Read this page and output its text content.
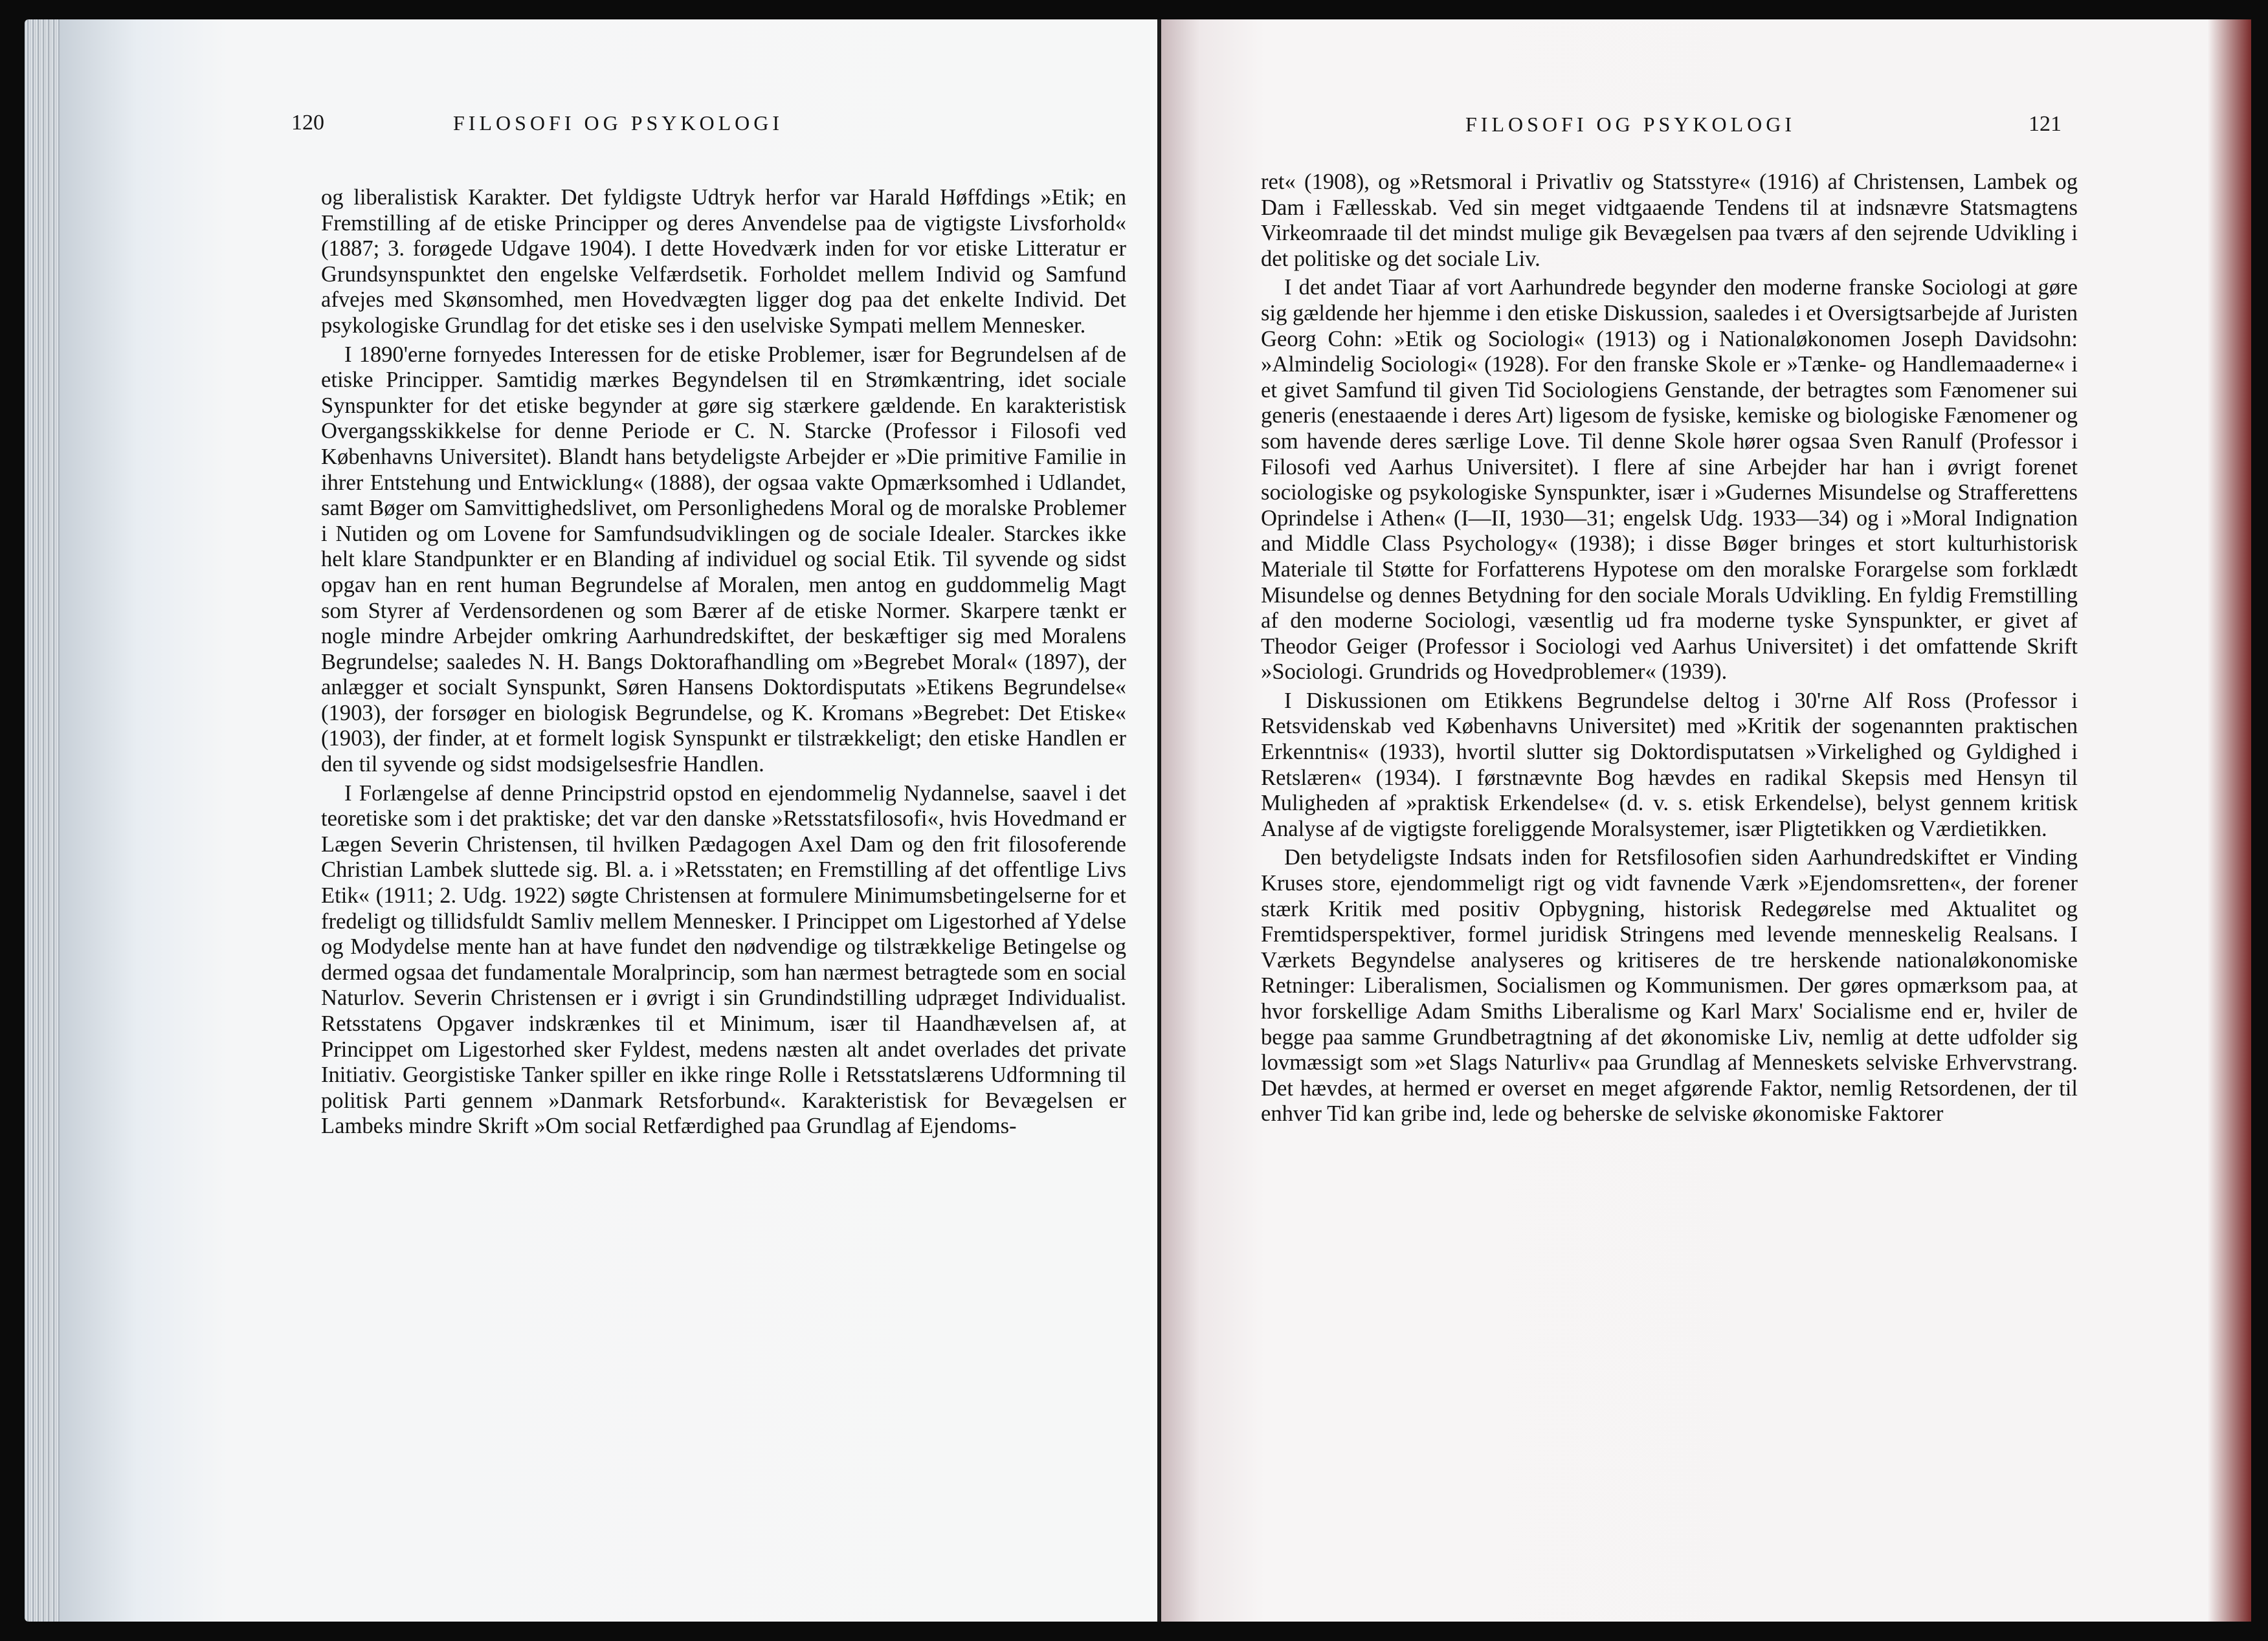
120	FILOSOFI OG PSYKOLOGI

og liberalistisk Karakter. Det fyldigste Udtryk herfor var Harald Høffdings »Etik; en Fremstilling af de etiske Principper og deres Anvendelse paa de vigtigste Livsforhold« (1887; 3. forøgede Udgave 1904). I dette Hovedværk inden for vor etiske Litteratur er Grundsynspunktet den engelske Velfærdsetik. Forholdet mellem Individ og Samfund afvejes med Skønsomhed, men Hovedvægten ligger dog paa det enkelte Individ. Det psykologiske Grundlag for det etiske ses i den uselviske Sympati mellem Mennesker.

I 1890'erne fornyedes Interessen for de etiske Problemer, især for Begrundelsen af de etiske Principper. Samtidig mærkes Begyndelsen til en Strømkæntring, idet sociale Synspunkter for det etiske begynder at gøre sig stærkere gældende. En karakteristisk Overgangsskikkelse for denne Periode er C. N. Starcke (Professor i Filosofi ved Københavns Universitet). Blandt hans betydeligste Arbejder er »Die primitive Familie in ihrer Entstehung und Entwicklung« (1888), der ogsaa vakte Opmærksomhed i Udlandet, samt Bøger om Samvittighedslivet, om Personlighedens Moral og de moralske Problemer i Nutiden og om Lovene for Samfundsudviklingen og de sociale Idealer. Starckes ikke helt klare Standpunkter er en Blanding af individuel og social Etik. Til syvende og sidst opgav han en rent human Begrundelse af Moralen, men antog en guddommelig Magt som Styrer af Verdensordenen og som Bærer af de etiske Normer. Skarpere tænkt er nogle mindre Arbejder omkring Aarhundredskiftet, der beskæftiger sig med Moralens Begrundelse; saaledes N. H. Bangs Doktorafhandling om »Begrebet Moral« (1897), der anlægger et socialt Synspunkt, Søren Hansens Doktordisputats »Etikens Begrundelse« (1903), der forsøger en biologisk Begrundelse, og K. Kromans »Begrebet: Det Etiske« (1903), der finder, at et formelt logisk Synspunkt er tilstrækkeligt; den etiske Handlen er den til syvende og sidst modsigelsesfrie Handlen.

I Forlængelse af denne Principstrid opstod en ejendommelig Nydannelse, saavel i det teoretiske som i det praktiske; det var den danske »Retsstatsfilosofi«, hvis Hovedmand er Lægen Severin Christensen, til hvilken Pædagogen Axel Dam og den frit filosoferende Christian Lambek sluttede sig. Bl. a. i »Retsstaten; en Fremstilling af det offentlige Livs Etik« (1911; 2. Udg. 1922) søgte Christensen at formulere Minimumsbetingelserne for et fredeligt og tillidsfuldt Samliv mellem Mennesker. I Princippet om Ligestorhed af Ydelse og Modydelse mente han at have fundet den nødvendige og tilstrækkelige Betingelse og dermed ogsaa det fundamentale Moralprincip, som han nærmest betragtede som en social Naturlov. Severin Christensen er i øvrigt i sin Grundindstilling udpræget Individualist. Retsstatens Opgaver indskrænkes til et Minimum, især til Haandhævelsen af, at Princippet om Ligestorhed sker Fyldest, medens næsten alt andet overlades det private Initiativ. Georgistiske Tanker spiller en ikke ringe Rolle i Retsstatslærens Udformning til politisk Parti gennem »Danmark Retsforbund«. Karakteristisk for Bevægelsen er Lambeks mindre Skrift »Om social Retfærdighed paa Grundlag af Ejendoms-

FILOSOFI OG PSYKOLOGI	121

ret« (1908), og »Retsmoral i Privatliv og Statsstyre« (1916) af Christensen, Lambek og Dam i Fællesskab. Ved sin meget vidtgaaende Tendens til at indsnævre Statsmagtens Virkeomraade til det mindst mulige gik Bevægelsen paa tværs af den sejrende Udvikling i det politiske og det sociale Liv.

I det andet Tiaar af vort Aarhundrede begynder den moderne franske Sociologi at gøre sig gældende her hjemme i den etiske Diskussion, saaledes i et Oversigtsarbejde af Juristen Georg Cohn: »Etik og Sociologi« (1913) og i Nationaløkonomen Joseph Davidsohn: »Almindelig Sociologi« (1928). For den franske Skole er »Tænke- og Handlemaaderne« i et givet Samfund til given Tid Sociologiens Genstande, der betragtes som Fænomener sui generis (enestaaende i deres Art) ligesom de fysiske, kemiske og biologiske Fænomener og som havende deres særlige Love. Til denne Skole hører ogsaa Sven Ranulf (Professor i Filosofi ved Aarhus Universitet). I flere af sine Arbejder har han i øvrigt forenet sociologiske og psykologiske Synspunkter, især i »Gudernes Misundelse og Strafferettens Oprindelse i Athen« (I—II, 1930—31; engelsk Udg. 1933—34) og i »Moral Indignation and Middle Class Psychology« (1938); i disse Bøger bringes et stort kulturhistorisk Materiale til Støtte for Forfatterens Hypotese om den moralske Forargelse som forklædt Misundelse og dennes Betydning for den sociale Morals Udvikling. En fyldig Fremstilling af den moderne Sociologi, væsentlig ud fra moderne tyske Synspunkter, er givet af Theodor Geiger (Professor i Sociologi ved Aarhus Universitet) i det omfattende Skrift »Sociologi. Grundrids og Hovedproblemer« (1939).

I Diskussionen om Etikkens Begrundelse deltog i 30'rne Alf Ross (Professor i Retsvidenskab ved Københavns Universitet) med »Kritik der sogenannten praktischen Erkenntnis« (1933), hvortil slutter sig Doktordisputatsen »Virkelighed og Gyldighed i Retslæren« (1934). I førstnævnte Bog hævdes en radikal Skepsis med Hensyn til Muligheden af »praktisk Erkendelse« (d. v. s. etisk Erkendelse), belyst gennem kritisk Analyse af de vigtigste foreliggende Moralsystemer, især Pligtetikken og Værdietikken.

Den betydeligste Indsats inden for Retsfilosofien siden Aarhundredskiftet er Vinding Kruses store, ejendommeligt rigt og vidt favnende Værk »Ejendomsretten«, der forener stærk Kritik med positiv Opbygning, historisk Redegørelse med Aktualitet og Fremtidsperspektiver, formel juridisk Stringens med levende menneskelig Realsans. I Værkets Begyndelse analyseres og kritiseres de tre herskende nationaløkonomiske Retninger: Liberalismen, Socialismen og Kommunismen. Der gøres opmærksom paa, at hvor forskellige Adam Smiths Liberalisme og Karl Marx' Socialisme end er, hviler de begge paa samme Grundbetragtning af det økonomiske Liv, nemlig at dette udfolder sig lovmæssigt som »et Slags Naturliv« paa Grundlag af Menneskets selviske Erhvervstrang. Det hævdes, at hermed er overset en meget afgørende Faktor, nemlig Retsordenen, der til enhver Tid kan gribe ind, lede og beherske de selviske økonomiske Faktorer
